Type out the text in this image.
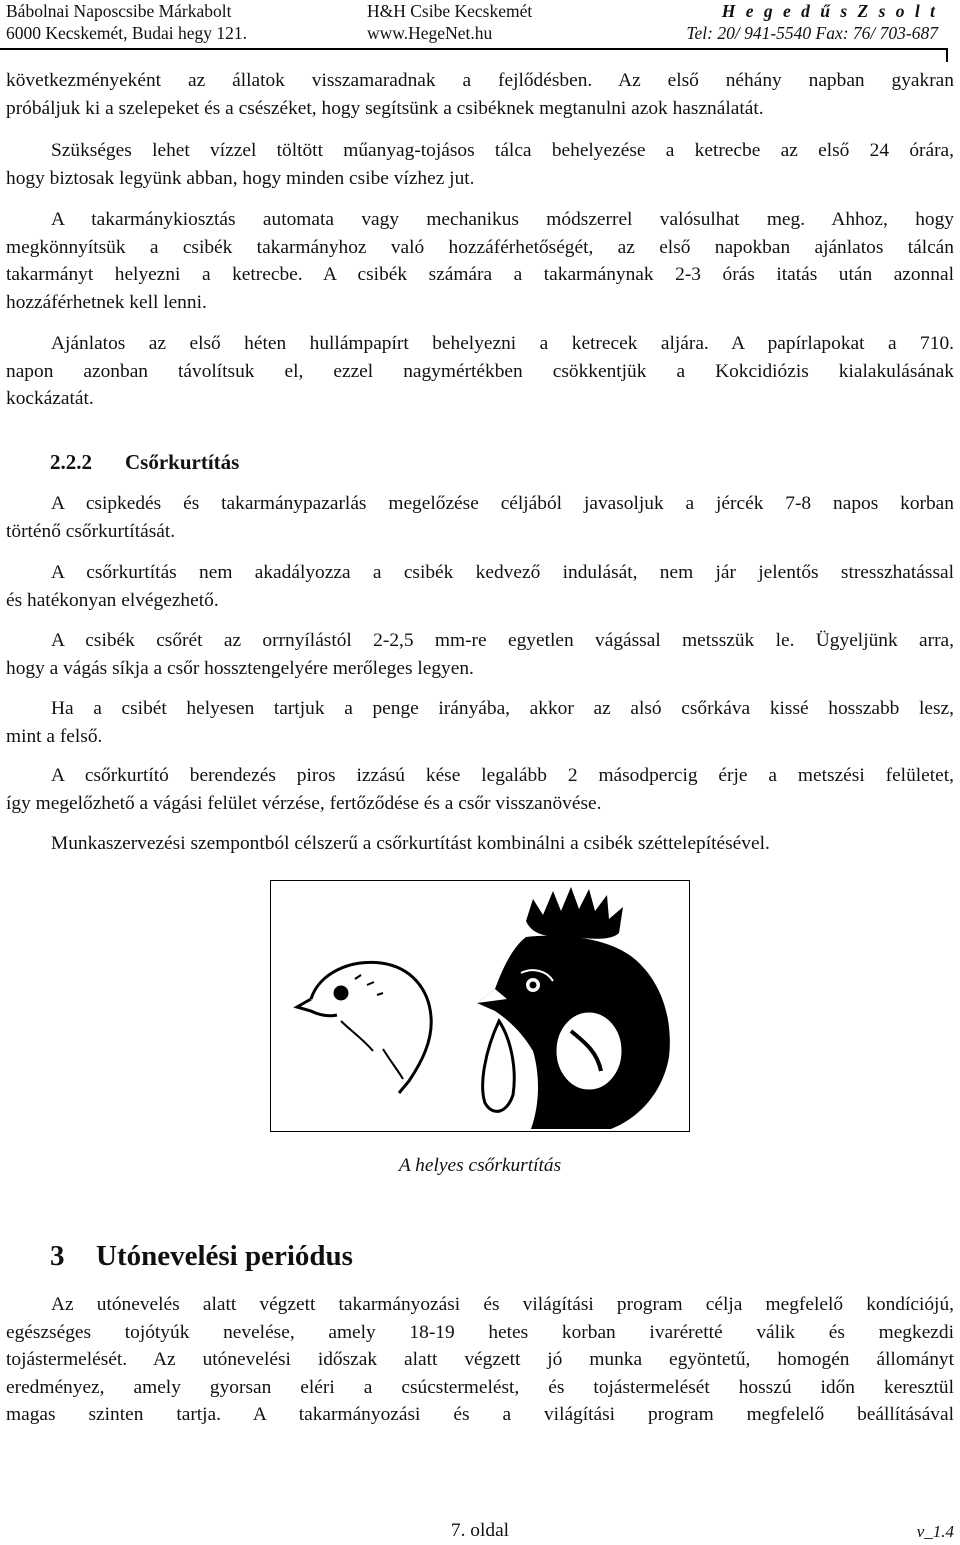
Bábolnai Naposcsibe Márkabolt
6000 Kecskemét, Budai hegy 121.
H&H Csibe Kecskemét
www.HegeNet.hu
H e g e d ű s Z s o l t
Tel: 20/ 941-5540 Fax: 76/ 703-687
következményeként az állatok visszamaradnak a fejlődésben. Az első néhány napban gyakran
próbáljuk ki a szelepeket és a csészéket, hogy segítsünk a csibéknek megtanulni azok használatát.
Szükséges lehet vízzel töltött műanyag-tojásos tálca behelyezése a ketrecbe az első 24 órára,
hogy biztosak legyünk abban, hogy minden csibe vízhez jut.
A takarmánykiosztás automata vagy mechanikus módszerrel valósulhat meg. Ahhoz, hogy
megkönnyítsük a csibék takarmányhoz való hozzáférhetőségét, az első napokban ajánlatos tálcán
takarmányt helyezni a ketrecbe. A csibék számára a takarmánynak 2-3 órás itatás után azonnal
hozzáférhetnek kell lenni.
Ajánlatos az első héten hullámpapírt behelyezni a ketrecek aljára. A papírlapokat a 710.
napon azonban távolítsuk el, ezzel nagymértékben csökkentjük a Kokcidiózis kialakulásának
kockázatát.
2.2.2 Csőrkurtítás
A csipkedés és takarmánypazarlás megelőzése céljából javasoljuk a jércék 7-8 napos korban
történő csőrkurtítását.
A csőrkurtítás nem akadályozza a csibék kedvező indulását, nem jár jelentős stresszhatással
és hatékonyan elvégezhető.
A csibék csőrét az orrnyílástól 2-2,5 mm-re egyetlen vágással metsszük le. Ügyeljünk arra,
hogy a vágás síkja a csőr hossztengelyére merőleges legyen.
Ha a csibét helyesen tartjuk a penge irányába, akkor az alsó csőrkáva kissé hosszabb lesz,
mint a felső.
A csőrkurtító berendezés piros izzású kése legalább 2 másodpercig érje a metszési felületet,
így megelőzhető a vágási felület vérzése, fertőződése és a csőr visszanövése.
Munkaszervezési szempontból célszerű a csőrkurtítást kombinálni a csibék széttelepítésével.
A helyes csőrkurtítás
3 Utónevelési periódus
Az utónevelés alatt végzett takarmányozási és világítási program célja megfelelő kondíciójú,
egészséges tojótyúk nevelése, amely 18-19 hetes korban ivaréretté válik és megkezdi
tojástermelését. Az utónevelési időszak alatt végzett jó munka egyöntetű, homogén állományt
eredményez, amely gyorsan eléri a csúcstermelést, és tojástermelését hosszú időn keresztül
magas szinten tartja. A takarmányozási és a világítási program megfelelő beállításával
7. oldal	v_1.4
